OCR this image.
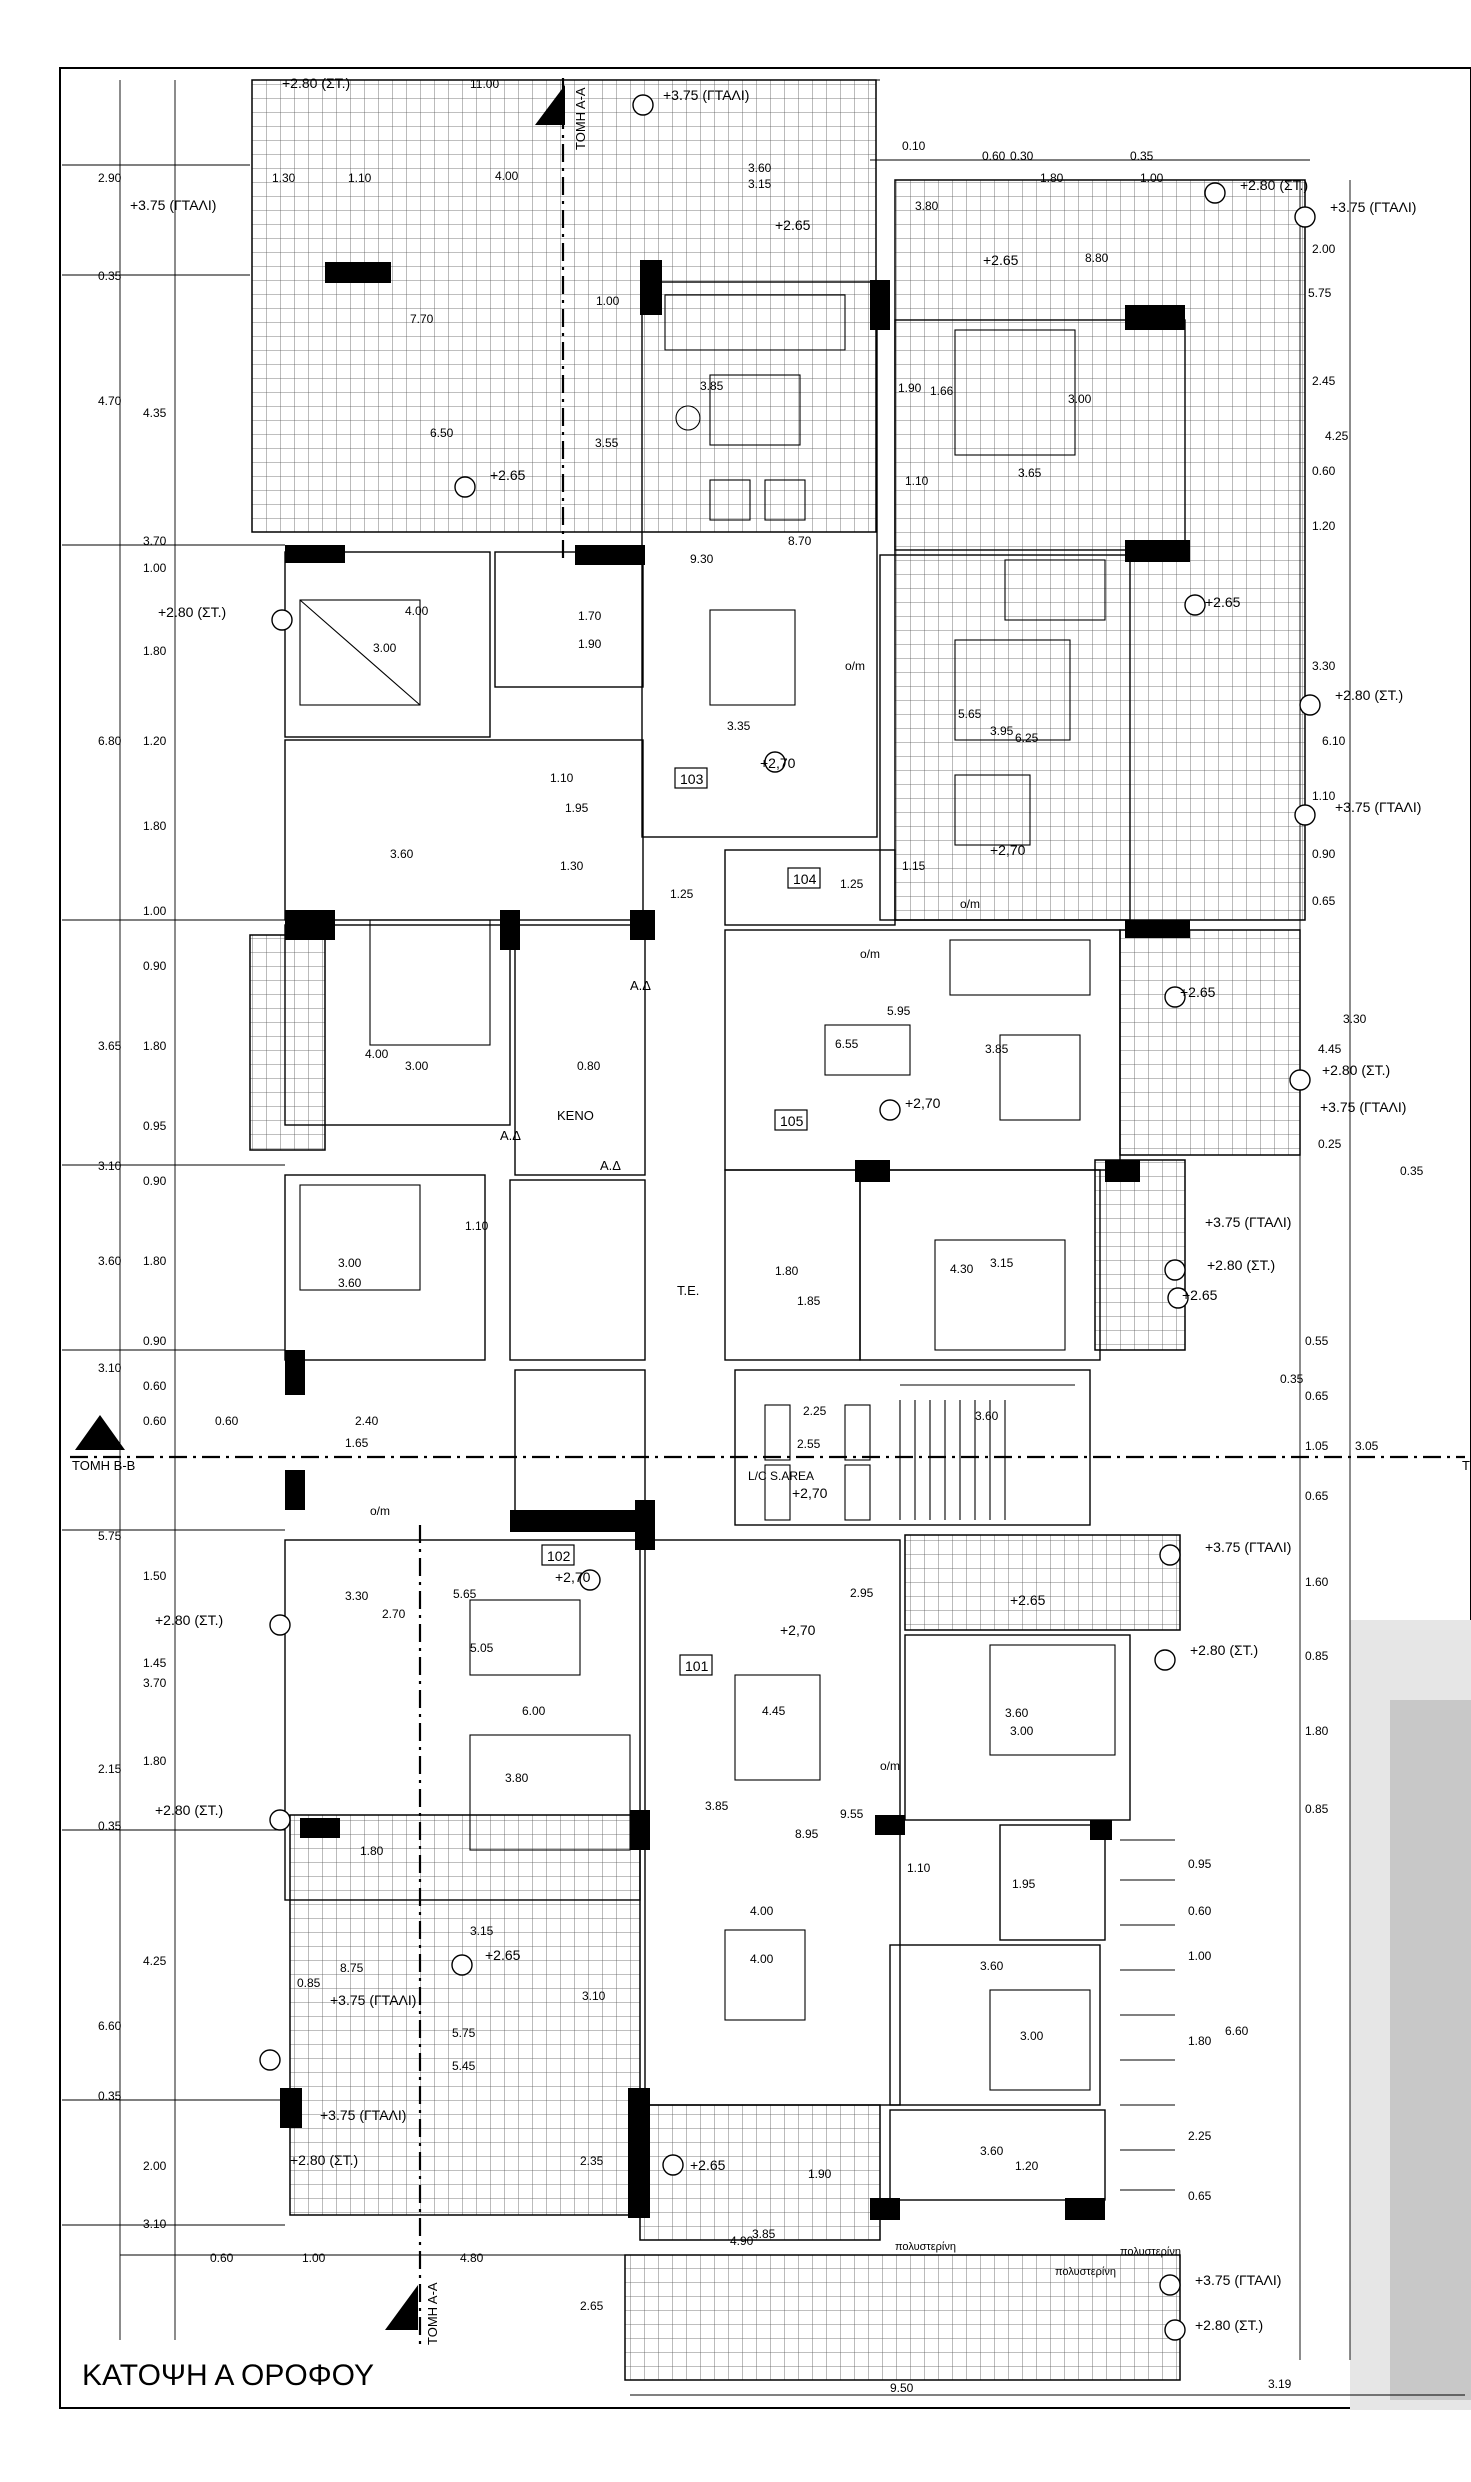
103
104
105
102
101
ΚΕΝΟ
T.E.
L/C S.AREA
Α.Δ
Α.Δ
Α.Δ
o/m
o/m
o/m
o/m
o/m
πολυστερίνη	πολυστερίνη
πολυστερίνη
ΤΟΜΗ Α-Α
ΤΟΜΗ Α-Α
ΤΟΜΗ Β-Β	Τ
+2.80 (ΣΤ.)
+3.75 (ΓΤΑΛΙ)
+3.75 (ΓΤΑΛΙ)
+2.80 (ΣΤ.)
+3.75 (ΓΤΑΛΙ)
+2.65
+2.65
+2.65
+2.80 (ΣΤ.)
+2,70
+2.65
+2.80 (ΣΤ.)
+3.75 (ΓΤΑΛΙ)
+2,70
+2.65
+2.80 (ΣΤ.)
+3.75 (ΓΤΑΛΙ)
+2,70
+3.75 (ΓΤΑΛΙ)
+2.80 (ΣΤ.)
+2.65
+2,70
+3.75 (ΓΤΑΛΙ)
+2,70
+2,70
+2.65
+2.80 (ΣΤ.)
+2.80 (ΣΤ.)
+2.80 (ΣΤ.)
+2.65
+3.75 (ΓΤΑΛΙ)
+3.75 (ΓΤΑΛΙ)
+2.80 (ΣΤ.)	+2.65
+3.75 (ΓΤΑΛΙ)
+2.80 (ΣΤ.)
2.90
0.35
4.70
4.35
3.70
1.00
1.80
6.80 1.20
1.80
1.00
0.90
3.65 1.80
0.95
3.10
0.90
3.60 1.80
0.90
3.10
0.60
0.60	0.60
5.75
1.50
1.45
3.70
2.15
1.80
0.35
4.25
6.60
0.35
2.00
3.10
2.00
2.45
4.25
0.60
1.20
3.30
6.10
1.10
0.90
0.65
3.30
4.45
0.25
0.35
0.55
0.35
0.65
1.05 3.05
0.65
1.60
0.85
1.80
0.85
0.95
0.60
1.00
1.80
6.60
2.25
0.65
11.00
0.10
0.60 0.30	0.35
1.80	1.00
3.80
5.75
8.80
0.60	1.00	4.80
2.65
9.50	3.19
4.90
3.85
0.85
4.00
3.60
3.15
1.30	1.10
7.70
6.50
3.55
3.85
1.00
9.30
8.70
4.00
3.00
1.70
1.90
3.35
1.10
3.60
1.95
1.30
1.25
5.65
3.95 6.25
1.15
1.25
3.00
3.65
1.90 1.66
1.10
5.95
6.55	3.85
4.00
3.00	0.80
4.30 3.15
1.80
1.85
3.00
3.60
1.10
2.40
1.65
2.25	3.60
2.55
3.30
2.70
5.65
5.05
6.00
3.80
2.95
4.45	3.60
3.00
3.85
9.55
8.95
1.10
1.95
4.00
4.00	3.60
3.00
3.60
1.20
1.90
8.75
3.15
5.75
5.45
3.10
2.35
1.80
ΚΑΤΟΨΗ Α ΟΡΟΦΟΥ
